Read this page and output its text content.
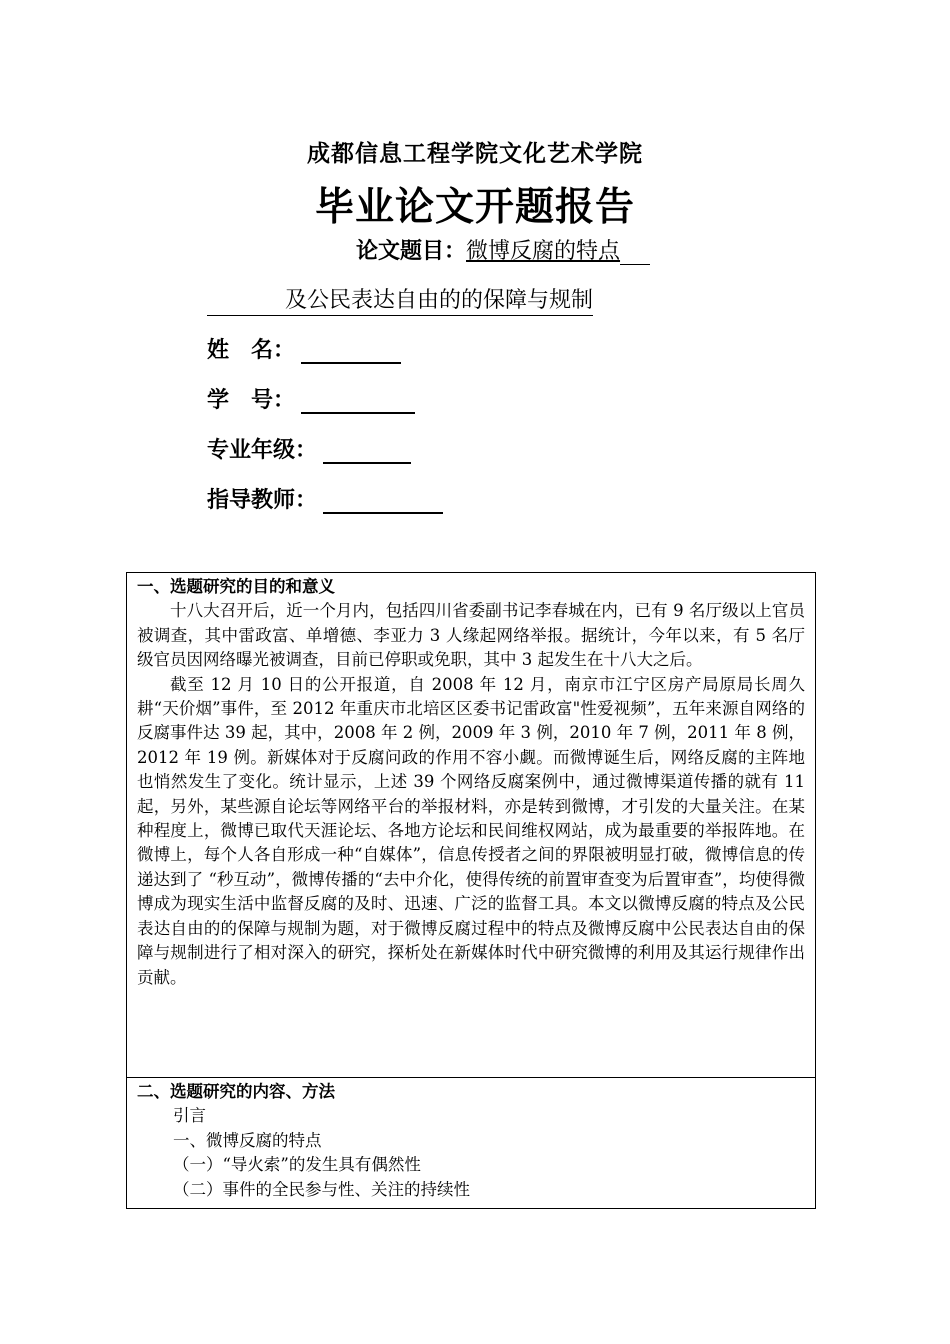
成都信息工程学院文化艺术学院
毕业论文开题报告
论文题目：微博反腐的特点
及公民表达自由的的保障与规制
姓　名：
学　号：
专业年级：
指导教师：
一、选题研究的目的和意义

十八大召开后，近一个月内，包括四川省委副书记李春城在内，已有 9 名厅级以上官员被调查，其中雷政富、单增德、李亚力 3 人缘起网络举报。据统计，今年以来，有 5 名厅级官员因网络曝光被调查，目前已停职或免职，其中 3 起发生在十八大之后。

截至 12 月 10 日的公开报道，自 2008 年 12 月，南京市江宁区房产局原局长周久耕“天价烟”事件，至 2012 年重庆市北培区区委书记雷政富"性爱视频”，五年来源自网络的反腐事件达 39 起，其中，2008 年 2 例，2009 年 3 例，2010 年 7 例，2011 年 8 例，2012 年 19 例。新媒体对于反腐问政的作用不容小觑。而微博诞生后，网络反腐的主阵地也悄然发生了变化。统计显示，上述 39 个网络反腐案例中，通过微博渠道传播的就有 11 起，另外，某些源自论坛等网络平台的举报材料，亦是转到微博，才引发的大量关注。在某种程度上，微博已取代天涯论坛、各地方论坛和民间维权网站，成为最重要的举报阵地。在微博上，每个人各自形成一种“自媒体”，信息传授者之间的界限被明显打破，微博信息的传递达到了 “秒互动”，微博传播的“去中介化，使得传统的前置审查变为后置审查”，均使得微博成为现实生活中监督反腐的及时、迅速、广泛的监督工具。本文以微博反腐的特点及公民表达自由的的保障与规制为题，对于微博反腐过程中的特点及微博反腐中公民表达自由的保障与规制进行了相对深入的研究，探析处在新媒体时代中研究微博的利用及其运行规律作出贡献。

二、选题研究的内容、方法

引言

一、微博反腐的特点

（一）“导火索”的发生具有偶然性

（二）事件的全民参与性、关注的持续性
